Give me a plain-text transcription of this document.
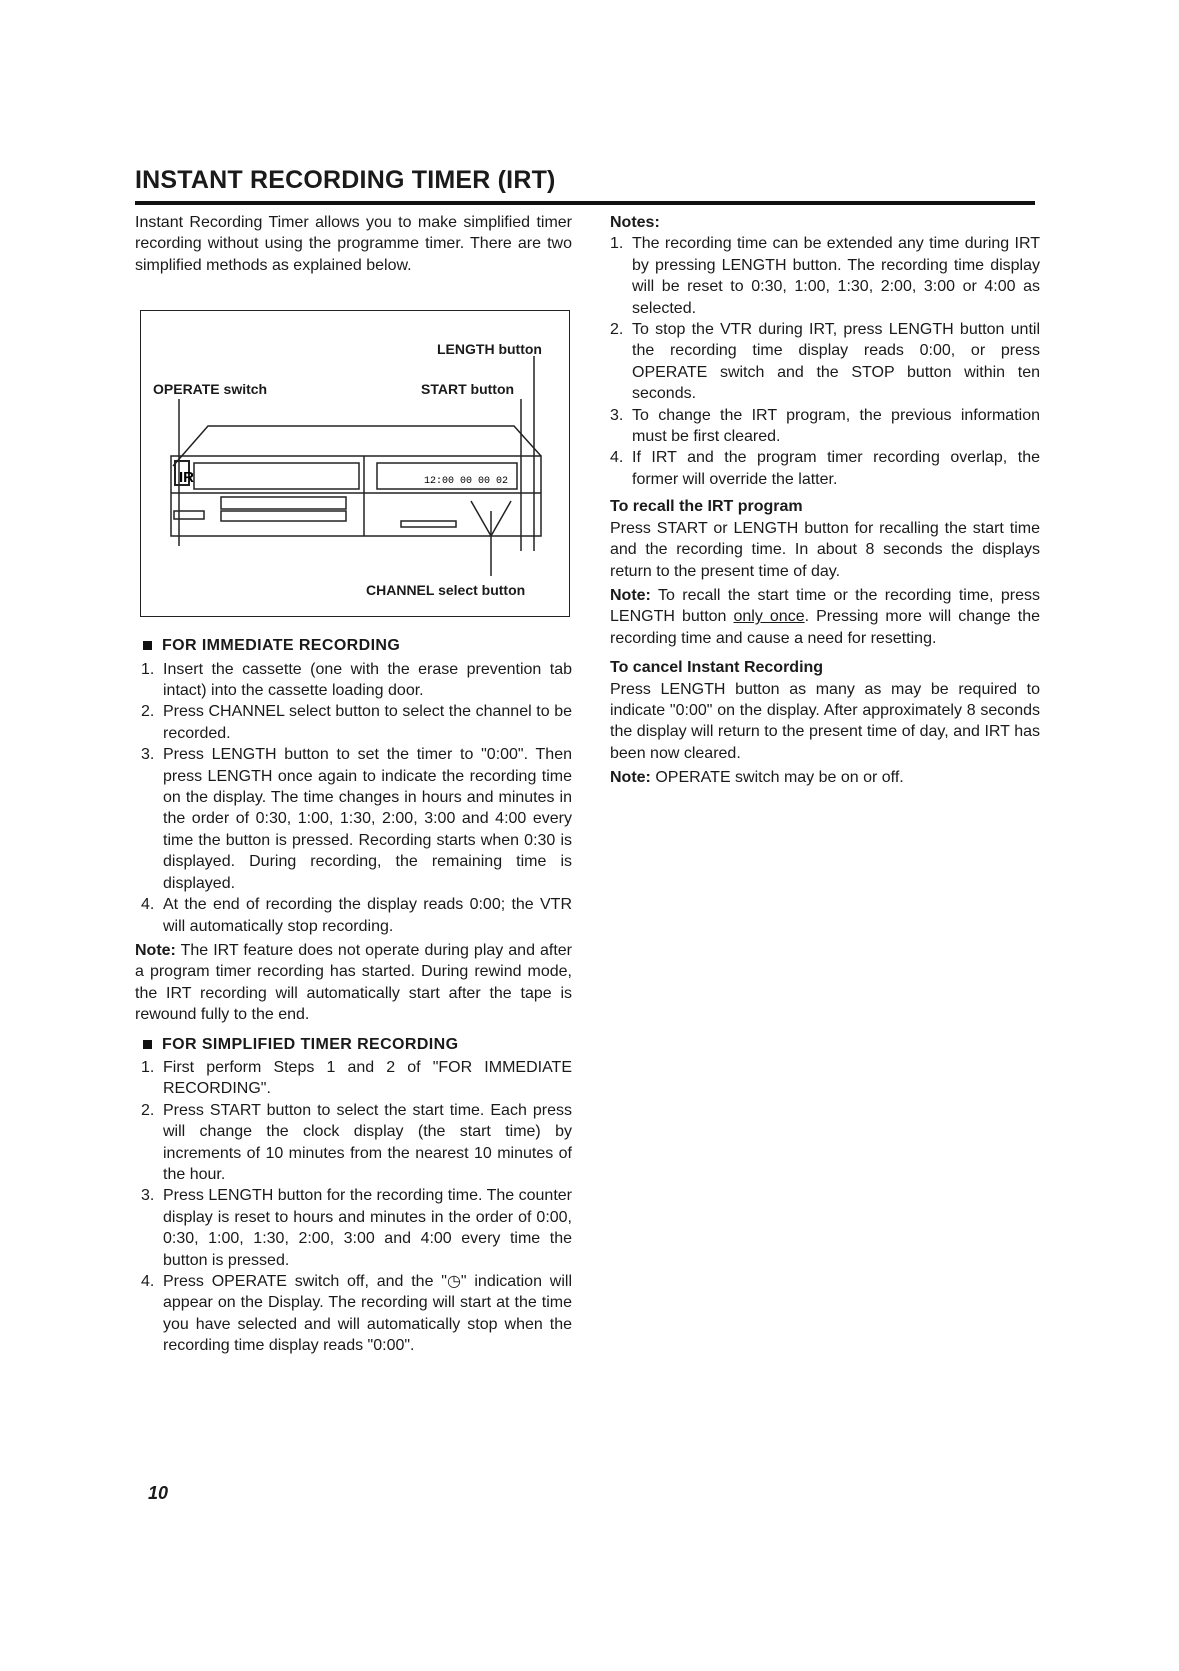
INSTANT RECORDING TIMER (IRT)

Instant Recording Timer allows you to make simplified timer recording without using the programme timer. There are two simplified methods as explained below.

LENGTH button
OPERATE switch	START button
CHANNEL select button
IR	12:00 00 00 02
FOR IMMEDIATE RECORDING
1. Insert the cassette (one with the erase prevention tab intact) into the cassette loading door.
2. Press CHANNEL select button to select the channel to be recorded.
3. Press LENGTH button to set the timer to "0:00". Then press LENGTH once again to indicate the recording time on the display. The time changes in hours and minutes in the order of 0:30, 1:00, 1:30, 2:00, 3:00 and 4:00 every time the button is pressed. Recording starts when 0:30 is displayed. During recording, the remaining time is displayed.
4. At the end of recording the display reads 0:00; the VTR will automatically stop recording.

Note: The IRT feature does not operate during play and after a program timer recording has started. During rewind mode, the IRT recording will automatically start after the tape is rewound fully to the end.

FOR SIMPLIFIED TIMER RECORDING
1. First perform Steps 1 and 2 of "FOR IMMEDIATE RECORDING".
2. Press START button to select the start time. Each press will change the clock display (the start time) by increments of 10 minutes from the nearest 10 minutes of the hour.
3. Press LENGTH button for the recording time. The counter display is reset to hours and minutes in the order of 0:00, 0:30, 1:00, 1:30, 2:00, 3:00 and 4:00 every time the button is pressed.
4. Press OPERATE switch off, and the "◷" indication will appear on the Display. The recording will start at the time you have selected and will automatically stop when the recording time display reads "0:00".

Notes:

1. The recording time can be extended any time during IRT by pressing LENGTH button. The recording time display will be reset to 0:30, 1:00, 1:30, 2:00, 3:00 or 4:00 as selected.
2. To stop the VTR during IRT, press LENGTH button until the recording time display reads 0:00, or press OPERATE switch and the STOP button within ten seconds.
3. To change the IRT program, the previous information must be first cleared.
4. If IRT and the program timer recording overlap, the former will override the latter.

To recall the IRT program

Press START or LENGTH button for recalling the start time and the recording time. In about 8 seconds the displays return to the present time of day.

Note: To recall the start time or the recording time, press LENGTH button only once. Pressing more will change the recording time and cause a need for resetting.

To cancel Instant Recording

Press LENGTH button as many as may be required to indicate "0:00" on the display. After approximately 8 seconds the display will return to the present time of day, and IRT has been now cleared.

Note: OPERATE switch may be on or off.

10
